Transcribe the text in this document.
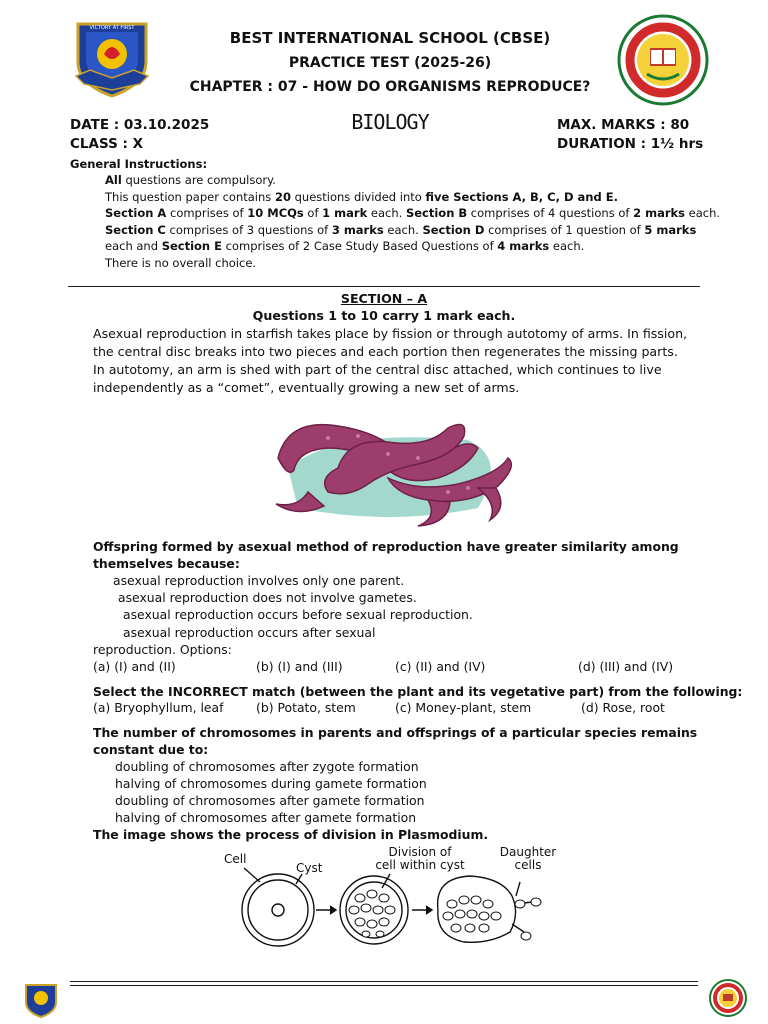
VICTORY AT FIRST
BEST INTERNATIONAL SCHOOL (CBSE)
PRACTICE TEST (2025-26)
CHAPTER : 07 - HOW DO ORGANISMS REPRODUCE?
DATE : 03.10.2025
CLASS : X
BIOLOGY	MAX. MARKS : 80
DURATION : 1½ hrs
General Instructions:
All questions are compulsory.
This question paper contains 20 questions divided into five Sections A, B, C, D and E.
Section A comprises of 10 MCQs of 1 mark each. Section B comprises of 4 questions of 2 marks each.
Section C comprises of 3 questions of 3 marks each. Section D comprises of 1 question of 5 marks
each and Section E comprises of 2 Case Study Based Questions of 4 marks each.
There is no overall choice.
SECTION – A
Questions 1 to 10 carry 1 mark each.
Asexual reproduction in starfish takes place by fission or through autotomy of arms. In fission,
the central disc breaks into two pieces and each portion then regenerates the missing parts.
In autotomy, an arm is shed with part of the central disc attached, which continues to live
independently as a “comet”, eventually growing a new set of arms.
Offspring formed by asexual method of reproduction have greater similarity among
themselves because:
asexual reproduction involves only one parent.
asexual reproduction does not involve gametes.
asexual reproduction occurs before sexual reproduction.
asexual reproduction occurs after sexual
reproduction. Options:
(a) (I) and (II)	(b) (I) and (III)	(c) (II) and (IV)	(d) (III) and (IV)
Select the INCORRECT match (between the plant and its vegetative part) from the following:
(a) Bryophyllum, leaf	(b) Potato, stem	(c) Money-plant, stem	(d) Rose, root
The number of chromosomes in parents and offsprings of a particular species remains
constant due to:
doubling of chromosomes after zygote formation
halving of chromosomes during gamete formation
doubling of chromosomes after gamete formation
halving of chromosomes after gamete formation
The image shows the process of division in Plasmodium.
Cell
Cyst
Division of
cell within cyst
Daughter
cells
